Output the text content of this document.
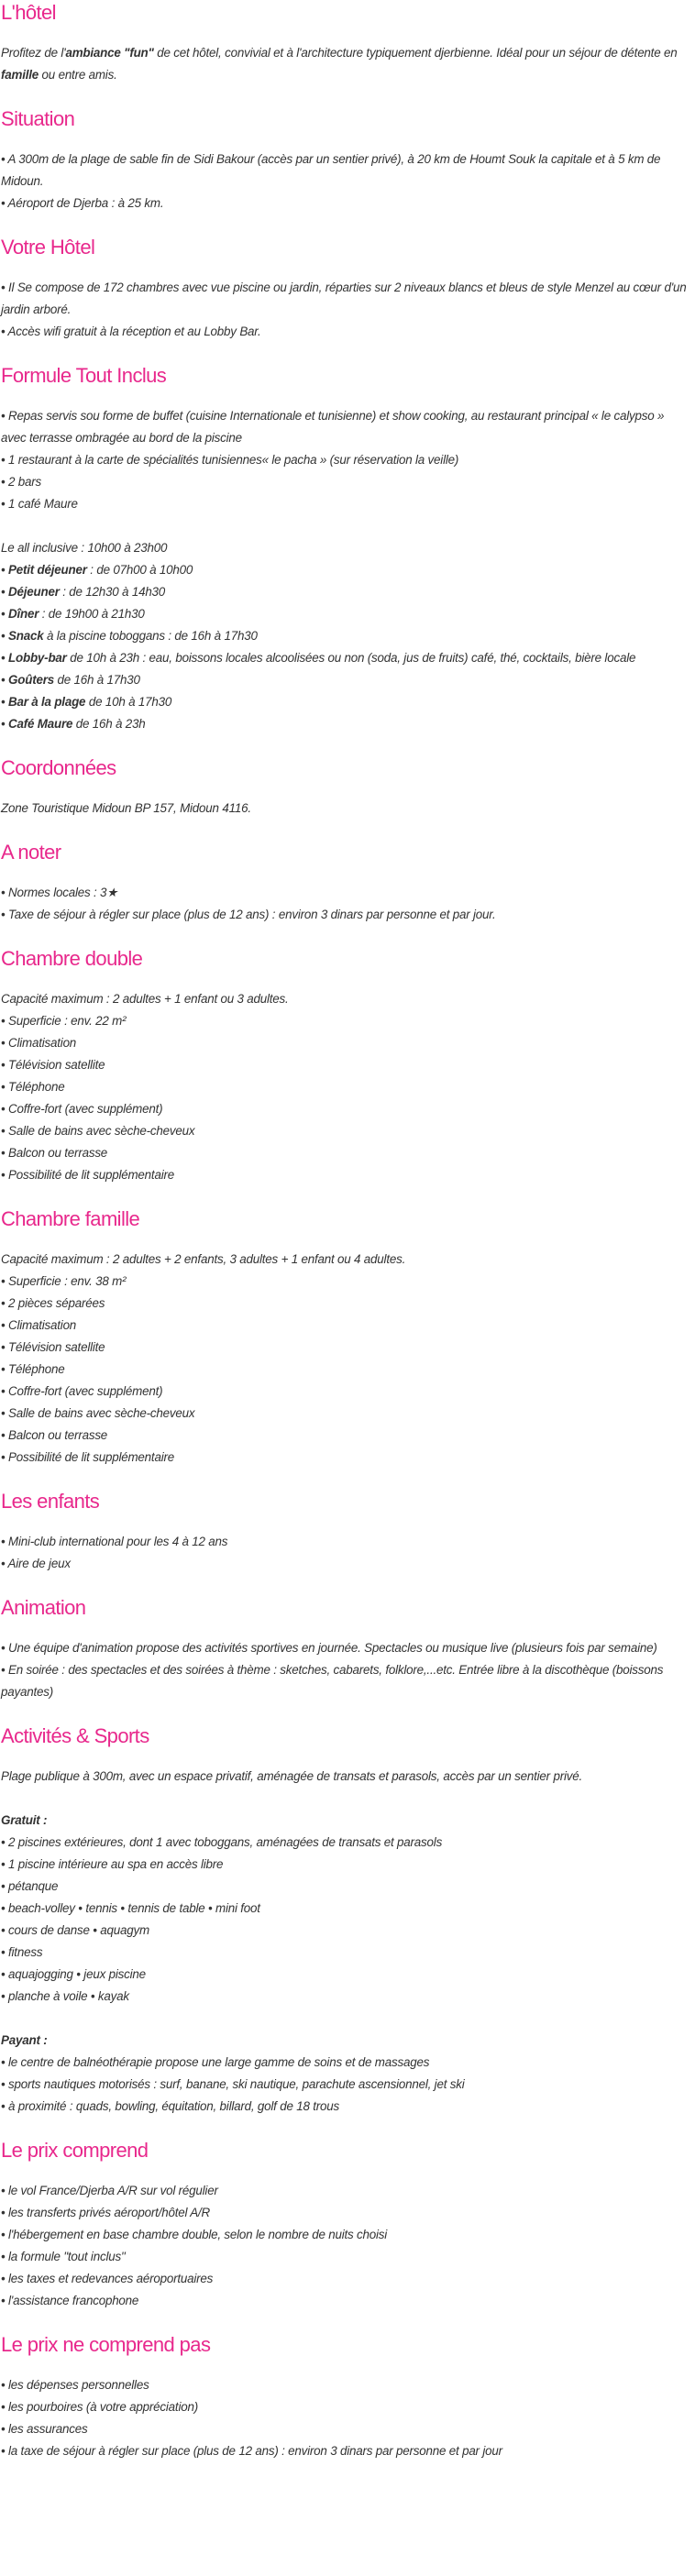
L'hôtel

Profitez de l'ambiance "fun" de cet hôtel, convivial et à l'architecture typiquement djerbienne. Idéal pour un séjour de détente en famille ou entre amis.

Situation

• A 300m de la plage de sable fin de Sidi Bakour (accès par un sentier privé), à 20 km de Houmt Souk la capitale et à 5 km de Midoun.

• Aéroport de Djerba : à 25 km.

Votre Hôtel

• Il Se compose de 172 chambres avec vue piscine ou jardin, réparties sur 2 niveaux blancs et bleus de style Menzel au cœur d'un jardin arboré.

• Accès wifi gratuit à la réception et au Lobby Bar.

Formule Tout Inclus

• Repas servis sou forme de buffet (cuisine Internationale et tunisienne) et show cooking, au restaurant principal « le calypso » avec terrasse ombragée au bord de la piscine

• 1 restaurant à la carte de spécialités tunisiennes« le pacha » (sur réservation la veille)

• 2 bars

• 1 café Maure

Le all inclusive : 10h00 à 23h00

• Petit déjeuner : de 07h00 à 10h00

• Déjeuner : de 12h30 à 14h30

• Dîner : de 19h00 à 21h30

• Snack à la piscine toboggans : de 16h à 17h30

• Lobby-bar de 10h à 23h : eau, boissons locales alcoolisées ou non (soda, jus de fruits) café, thé, cocktails, bière locale

• Goûters de 16h à 17h30

• Bar à la plage de 10h à 17h30

• Café Maure de 16h à 23h

Coordonnées

Zone Touristique Midoun BP 157, Midoun 4116.

A noter

• Normes locales : 3★

• Taxe de séjour à régler sur place (plus de 12 ans) : environ 3 dinars par personne et par jour.

Chambre double

Capacité maximum : 2 adultes + 1 enfant ou 3 adultes.

• Superficie : env. 22 m²

• Climatisation

• Télévision satellite

• Téléphone

• Coffre-fort (avec supplément)

• Salle de bains avec sèche-cheveux

• Balcon ou terrasse

• Possibilité de lit supplémentaire

Chambre famille

Capacité maximum : 2 adultes + 2 enfants, 3 adultes + 1 enfant ou 4 adultes.

• Superficie : env. 38 m²

• 2 pièces séparées

• Climatisation

• Télévision satellite

• Téléphone

• Coffre-fort (avec supplément)

• Salle de bains avec sèche-cheveux

• Balcon ou terrasse

• Possibilité de lit supplémentaire

Les enfants

• Mini-club international pour les 4 à 12 ans

• Aire de jeux

Animation

• Une équipe d'animation propose des activités sportives en journée. Spectacles ou musique live (plusieurs fois par semaine)

• En soirée : des spectacles et des soirées à thème : sketches, cabarets, folklore,...etc. Entrée libre à la discothèque (boissons payantes)

Activités & Sports

Plage publique à 300m, avec un espace privatif, aménagée de transats et parasols, accès par un sentier privé.

Gratuit :

• 2 piscines extérieures, dont 1 avec toboggans, aménagées de transats et parasols

• 1 piscine intérieure au spa en accès libre

• pétanque

• beach-volley • tennis • tennis de table • mini foot

• cours de danse • aquagym

• fitness

• aquajogging • jeux piscine

• planche à voile • kayak

Payant :

• le centre de balnéothérapie propose une large gamme de soins et de massages

• sports nautiques motorisés : surf, banane, ski nautique, parachute ascensionnel, jet ski

• à proximité : quads, bowling, équitation, billard, golf de 18 trous

Le prix comprend

• le vol France/Djerba A/R sur vol régulier

• les transferts privés aéroport/hôtel A/R

• l'hébergement en base chambre double, selon le nombre de nuits choisi

• la formule "tout inclus"

• les taxes et redevances aéroportuaires

• l'assistance francophone

Le prix ne comprend pas

• les dépenses personnelles

• les pourboires (à votre appréciation)

• les assurances

• la taxe de séjour à régler sur place (plus de 12 ans) : environ 3 dinars par personne et par jour
